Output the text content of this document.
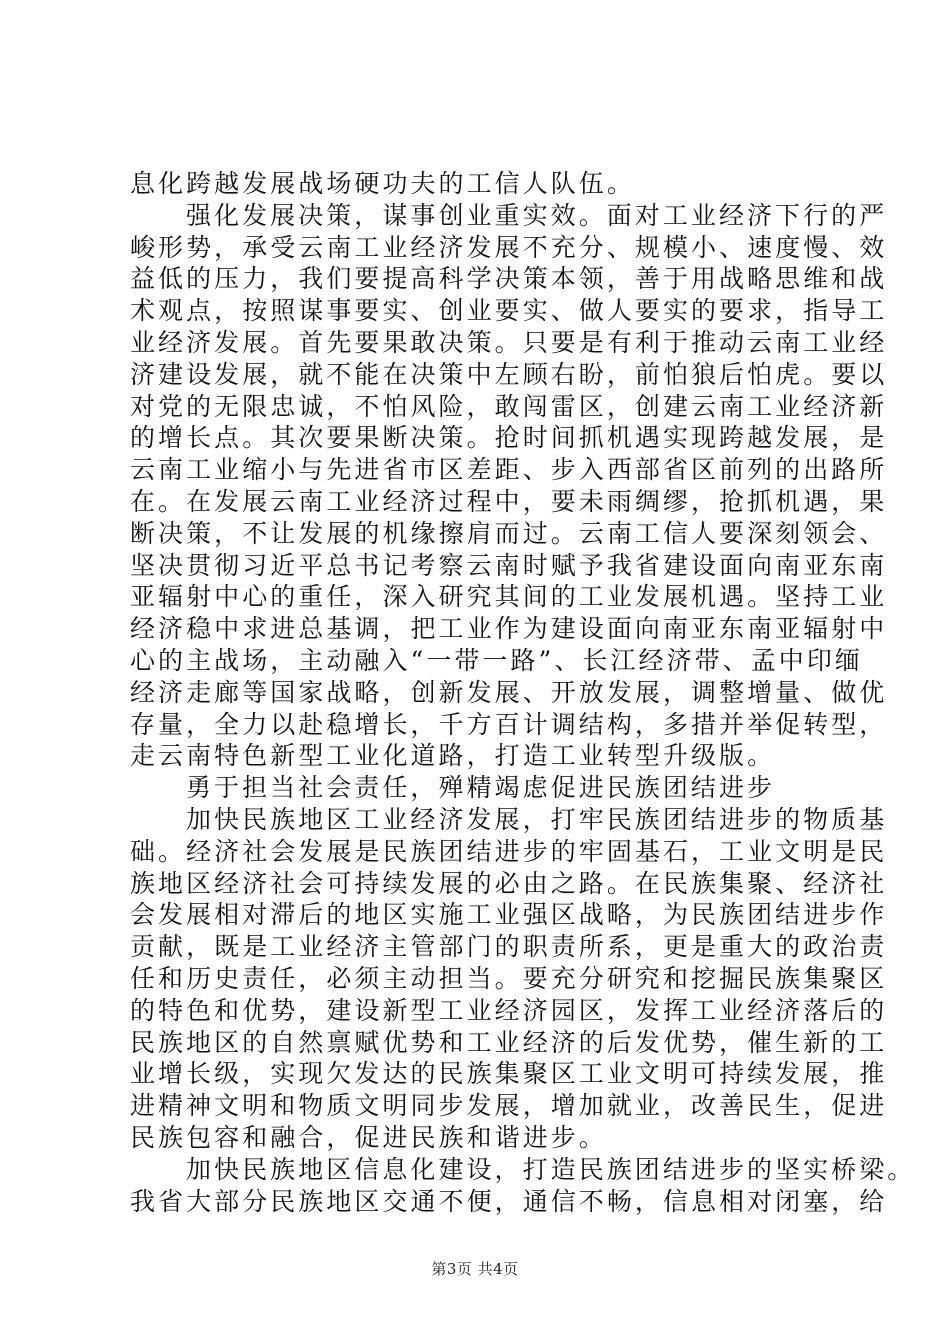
息化跨越发展战场硬功夫的工信人队伍。
强化发展决策，谋事创业重实效。面对工业经济下行的严
峻形势，承受云南工业经济发展不充分、规模小、速度慢、效
益低的压力，我们要提高科学决策本领，善于用战略思维和战
术观点，按照谋事要实、创业要实、做人要实的要求，指导工
业经济发展。首先要果敢决策。只要是有利于推动云南工业经
济建设发展，就不能在决策中左顾右盼，前怕狼后怕虎。要以
对党的无限忠诚，不怕风险，敢闯雷区，创建云南工业经济新
的增长点。其次要果断决策。抢时间抓机遇实现跨越发展，是
云南工业缩小与先进省市区差距、步入西部省区前列的出路所
在。在发展云南工业经济过程中，要未雨绸缪，抢抓机遇，果
断决策，不让发展的机缘擦肩而过。云南工信人要深刻领会、
坚决贯彻习近平总书记考察云南时赋予我省建设面向南亚东南
亚辐射中心的重任，深入研究其间的工业发展机遇。坚持工业
经济稳中求进总基调，把工业作为建设面向南亚东南亚辐射中
心的主战场，主动融入“一带一路”、长江经济带、孟中印缅
经济走廊等国家战略，创新发展、开放发展，调整增量、做优
存量，全力以赴稳增长，千方百计调结构，多措并举促转型，
走云南特色新型工业化道路，打造工业转型升级版。
勇于担当社会责任，殚精竭虑促进民族团结进步
加快民族地区工业经济发展，打牢民族团结进步的物质基
础。经济社会发展是民族团结进步的牢固基石，工业文明是民
族地区经济社会可持续发展的必由之路。在民族集聚、经济社
会发展相对滞后的地区实施工业强区战略，为民族团结进步作
贡献，既是工业经济主管部门的职责所系，更是重大的政治责
任和历史责任，必须主动担当。要充分研究和挖掘民族集聚区
的特色和优势，建设新型工业经济园区，发挥工业经济落后的
民族地区的自然禀赋优势和工业经济的后发优势，催生新的工
业增长级，实现欠发达的民族集聚区工业文明可持续发展，推
进精神文明和物质文明同步发展，增加就业，改善民生，促进
民族包容和融合，促进民族和谐进步。
加快民族地区信息化建设，打造民族团结进步的坚实桥梁。
我省大部分民族地区交通不便，通信不畅，信息相对闭塞，给
第3页 共4页
